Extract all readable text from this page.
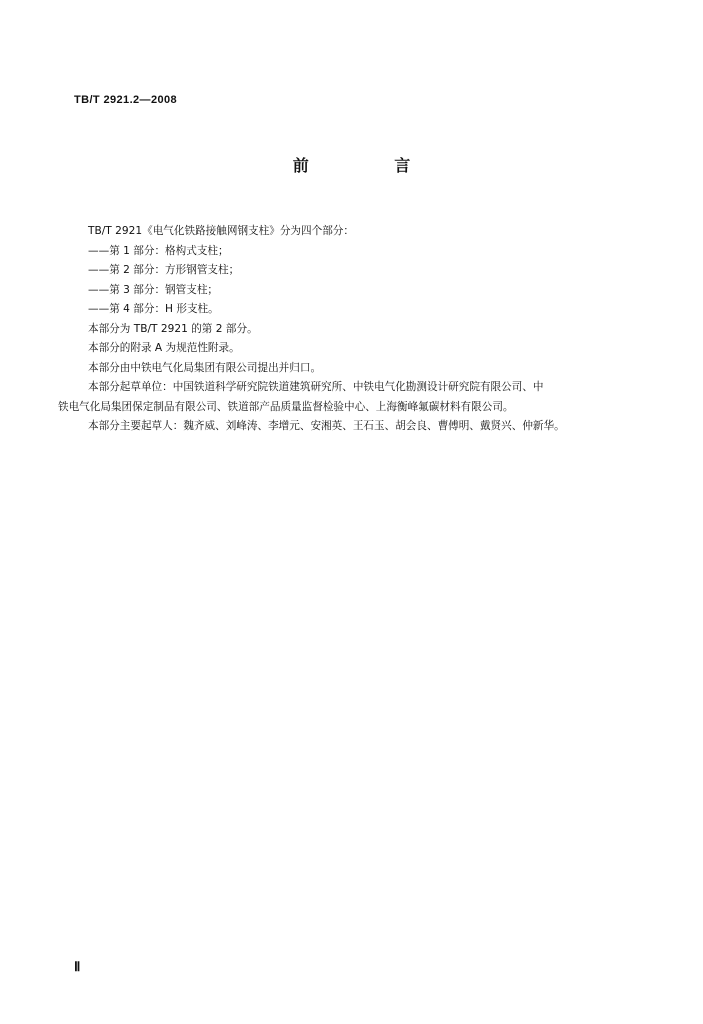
TB/T 2921.2—2008
前 言

TB/T 2921《电气化铁路接触网钢支柱》分为四个部分：

——第 1 部分：格构式支柱；

——第 2 部分：方形钢管支柱；

——第 3 部分：钢管支柱；

——第 4 部分：H 形支柱。

本部分为 TB/T 2921 的第 2 部分。

本部分的附录 A 为规范性附录。

本部分由中铁电气化局集团有限公司提出并归口。

本部分起草单位：中国铁道科学研究院铁道建筑研究所、中铁电气化勘测设计研究院有限公司、中

铁电气化局集团保定制品有限公司、铁道部产品质量监督检验中心、上海衡峰氟碳材料有限公司。

本部分主要起草人：魏齐威、刘峰涛、李增元、安湘英、王石玉、胡会良、曹傅明、戴贤兴、仲新华。

Ⅱ
